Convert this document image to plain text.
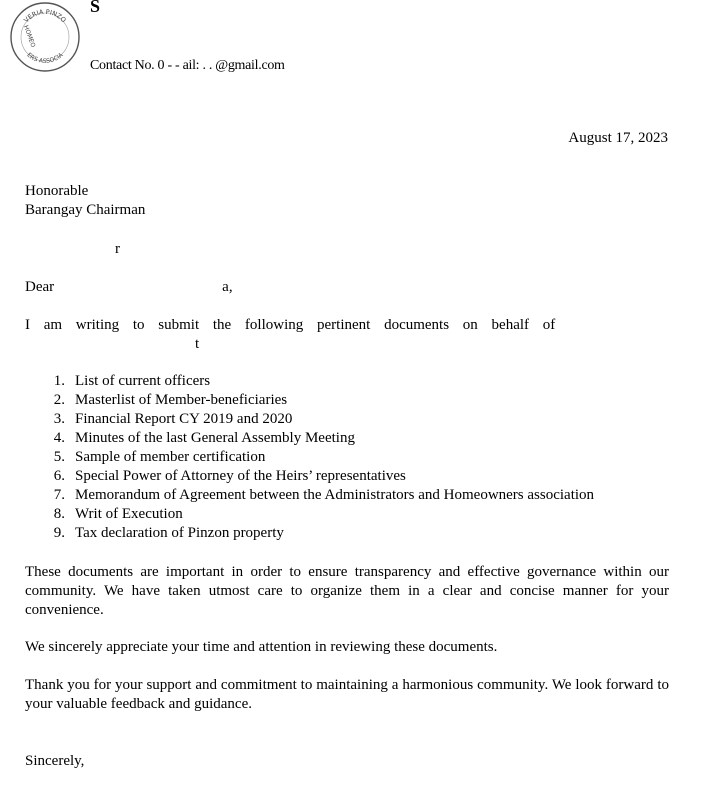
VERIA PINZO
HOMEO
ERS ASSOCIA
S
Contact No. 0 - - ail: . . @gmail.com
August 17, 2023
Honorable
Barangay Chairman
r
Dear	a,
I am writing to submit the following pertinent documents on behalf of
t
1. List of current officers
2. Masterlist of Member-beneficiaries
3. Financial Report CY 2019 and 2020
4. Minutes of the last General Assembly Meeting
5. Sample of member certification
6. Special Power of Attorney of the Heirs’ representatives
7. Memorandum of Agreement between the Administrators and Homeowners association
8. Writ of Execution
9. Tax declaration of Pinzon property
These documents are important in order to ensure transparency and effective governance within our community. We have taken utmost care to organize them in a clear and concise manner for your convenience.
We sincerely appreciate your time and attention in reviewing these documents.
Thank you for your support and commitment to maintaining a harmonious community. We look forward to your valuable feedback and guidance.
Sincerely,
